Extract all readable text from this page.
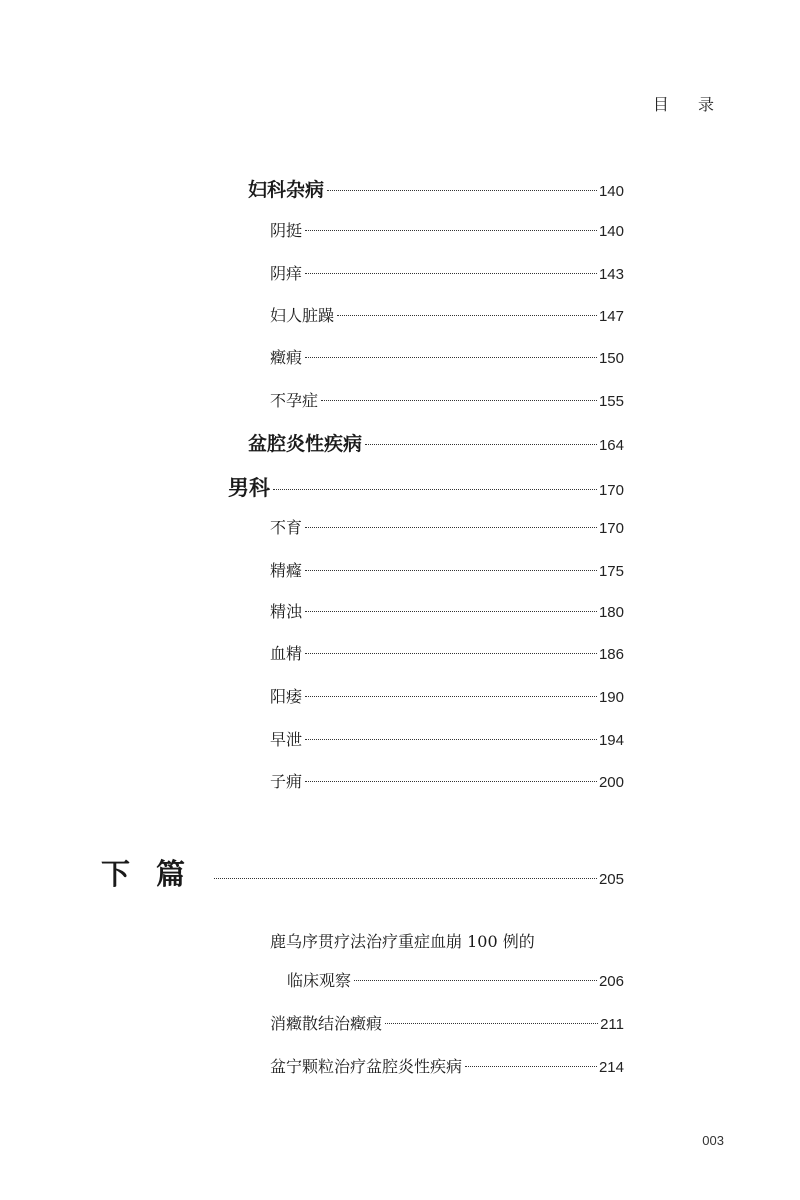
目 录
妇科杂病	140
阴挺	140
阴痒	143
妇人脏躁	147
癥瘕	150
不孕症	155
盆腔炎性疾病	164
男科	170
不育	170
精癃	175
精浊	180
血精	186
阳痿	190
早泄	194
子痈	200
下篇	205
鹿乌序贯疗法治疗重症血崩 100 例的
临床观察	206
消癥散结治癥瘕	211
盆宁颗粒治疗盆腔炎性疾病	214
003
